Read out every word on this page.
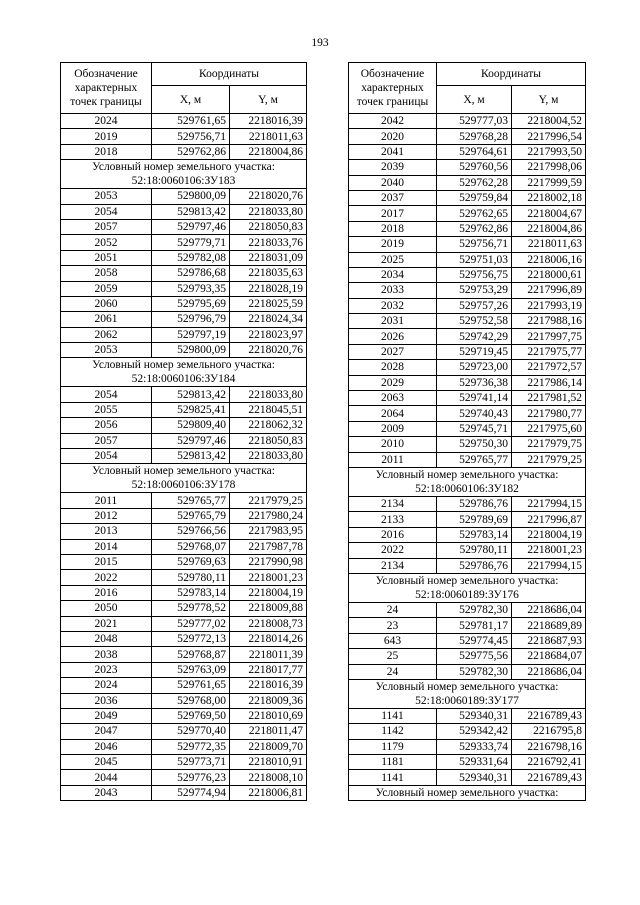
193
Обозначение характерных точек границы	Координаты	
	X, м	Y, м
2024	529761,65	2218016,39
2019	529756,71	2218011,63
2018	529762,86	2218004,86

Условный номер земельного участка:
52:18:0060106:ЗУ183		

2053	529800,09	2218020,76
2054	529813,42	2218033,80
2057	529797,46	2218050,83
2052	529779,71	2218033,76
2051	529782,08	2218031,09
2058	529786,68	2218035,63
2059	529793,35	2218028,19
2060	529795,69	2218025,59
2061	529796,79	2218024,34
2062	529797,19	2218023,97
2053	529800,09	2218020,76

Условный номер земельного участка:
52:18:0060106:ЗУ184		

2054	529813,42	2218033,80
2055	529825,41	2218045,51
2056	529809,40	2218062,32
2057	529797,46	2218050,83
2054	529813,42	2218033,80

Условный номер земельного участка:
52:18:0060106:ЗУ178		

2011	529765,77	2217979,25
2012	529765,79	2217980,24
2013	529766,56	2217983,95
2014	529768,07	2217987,78
2015	529769,63	2217990,98
2022	529780,11	2218001,23
2016	529783,14	2218004,19
2050	529778,52	2218009,88
2021	529777,02	2218008,73
2048	529772,13	2218014,26
2038	529768,87	2218011,39
2023	529763,09	2218017,77
2024	529761,65	2218016,39
2036	529768,00	2218009,36
2049	529769,50	2218010,69
2047	529770,40	2218011,47
2046	529772,35	2218009,70
2045	529773,71	2218010,91
2044	529776,23	2218008,10
2043	529774,94	2218006,81
Обозначение характерных точек границы	Координаты	
	X, м	Y, м
2042	529777,03	2218004,52
2020	529768,28	2217996,54
2041	529764,61	2217993,50
2039	529760,56	2217998,06
2040	529762,28	2217999,59
2037	529759,84	2218002,18
2017	529762,65	2218004,67
2018	529762,86	2218004,86
2019	529756,71	2218011,63
2025	529751,03	2218006,16
2034	529756,75	2218000,61
2033	529753,29	2217996,89
2032	529757,26	2217993,19
2031	529752,58	2217988,16
2026	529742,29	2217997,75
2027	529719,45	2217975,77
2028	529723,00	2217972,57
2029	529736,38	2217986,14
2063	529741,14	2217981,52
2064	529740,43	2217980,77
2009	529745,71	2217975,60
2010	529750,30	2217979,75
2011	529765,77	2217979,25

Условный номер земельного участка:
52:18:0060106:ЗУ182		

2134	529786,76	2217994,15
2133	529789,69	2217996,87
2016	529783,14	2218004,19
2022	529780,11	2218001,23
2134	529786,76	2217994,15

Условный номер земельного участка:
52:18:0060189:ЗУ176		

24	529782,30	2218686,04
23	529781,17	2218689,89
643	529774,45	2218687,93
25	529775,56	2218684,07
24	529782,30	2218686,04

Условный номер земельного участка:
52:18:0060189:ЗУ177		

1141	529340,31	2216789,43
1142	529342,42	2216795,8
1179	529333,74	2216798,16
1181	529331,64	2216792,41
1141	529340,31	2216789,43

Условный номер земельного участка:		
